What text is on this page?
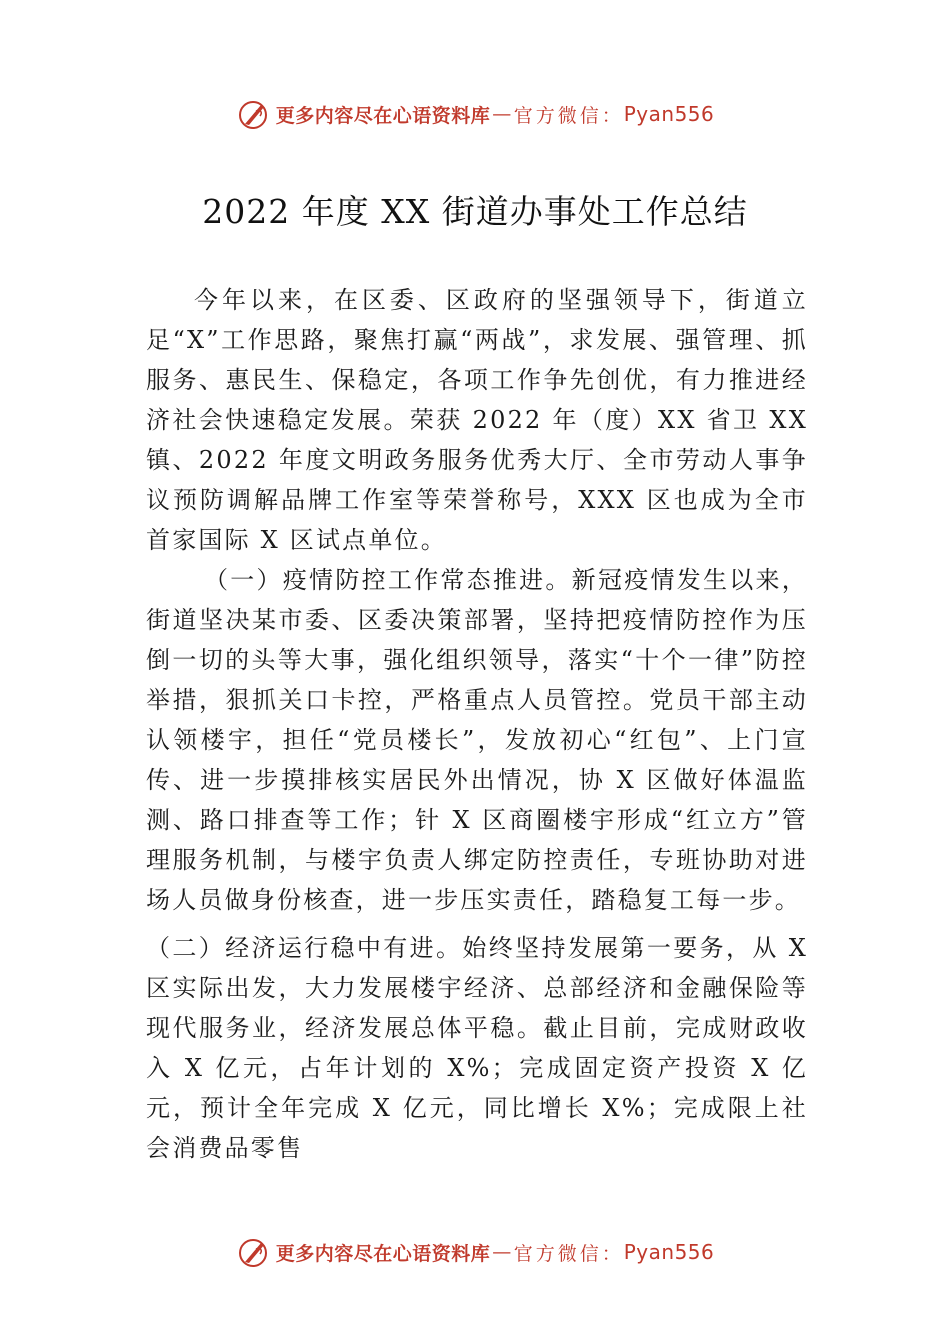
更多内容尽在心语资料库 — 官方微信： Pyan556
2022 年度 XX 街道办事处工作总结

今年以来，在区委、区政府的坚强领导下，街道立足“X”工作思路，聚焦打赢“两战”，求发展、强管理、抓服务、惠民生、保稳定，各项工作争先创优，有力推进经济社会快速稳定发展。荣获 2022 年（度）XX 省卫 XX 镇、2022 年度文明政务服务优秀大厅、全市劳动人事争议预防调解品牌工作室等荣誉称号，XXX 区也成为全市首家国际 X 区试点单位。

（一）疫情防控工作常态推进。新冠疫情发生以来，街道坚决某市委、区委决策部署，坚持把疫情防控作为压倒一切的头等大事，强化组织领导，落实“十个一律”防控举措，狠抓关口卡控，严格重点人员管控。党员干部主动认领楼宇，担任“党员楼长”，发放初心“红包”、上门宣传、进一步摸排核实居民外出情况，协 X 区做好体温监测、路口排查等工作；针 X 区商圈楼宇形成“红立方”管理服务机制，与楼宇负责人绑定防控责任，专班协助对进场人员做身份核查，进一步压实责任，踏稳复工每一步。

（二）经济运行稳中有进。始终坚持发展第一要务，从 X 区实际出发，大力发展楼宇经济、总部经济和金融保险等现代服务业，经济发展总体平稳。截止目前，完成财政收入 X 亿元，占年计划的 X%；完成固定资产投资 X 亿元，预计全年完成 X 亿元，同比增长 X%；完成限上社会消费品零售

更多内容尽在心语资料库 — 官方微信： Pyan556
